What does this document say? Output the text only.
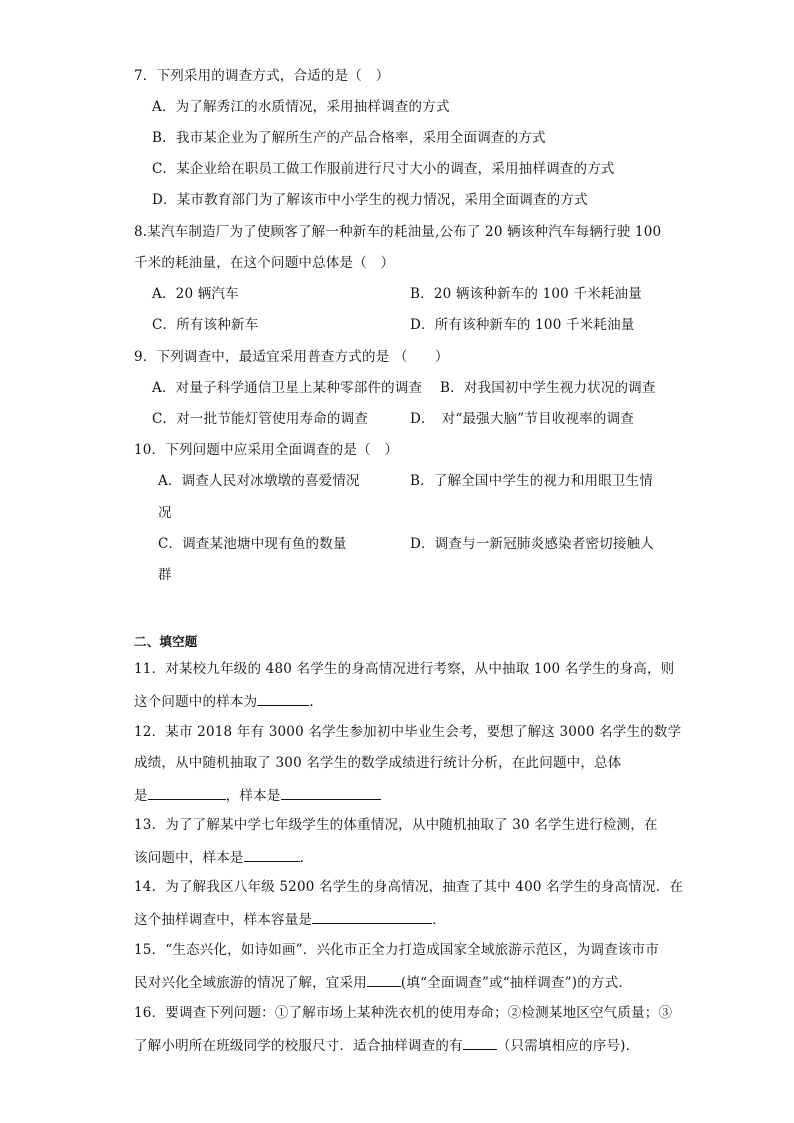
7．下列采用的调查方式，合适的是（　）
A．为了解秀江的水质情况，采用抽样调查的方式
B．我市某企业为了解所生产的产品合格率，采用全面调查的方式
C．某企业给在职员工做工作服前进行尺寸大小的调查，采用抽样调查的方式
D．某市教育部门为了解该市中小学生的视力情况，采用全面调查的方式
8.某汽车制造厂为了使顾客了解一种新车的耗油量,公布了 20 辆该种汽车每辆行驶 100
千米的耗油量，在这个问题中总体是（　）
A．20 辆汽车	B．20 辆该种新车的 100 千米耗油量
C．所有该种新车	D．所有该种新车的 100 千米耗油量
9．下列调查中，最适宜采用普查方式的是 （　　）
A．对量子科学通信卫星上某种零部件的调查 B．对我国初中学生视力状况的调查
C．对一批节能灯管使用寿命的调查	D．　对“最强大脑”节目收视率的调查
10．下列问题中应采用全面调查的是（　）
A．调查人民对冰墩墩的喜爱情况	B．了解全国中学生的视力和用眼卫生情
况
C．调查某池塘中现有鱼的数量	D．调查与一新冠肺炎感染者密切接触人
群
二、填空题
11．对某校九年级的 480 名学生的身高情况进行考察，从中抽取 100 名学生的身高，则
这个问题中的样本为	.
12．某市 2018 年有 3000 名学生参加初中毕业生会考，要想了解这 3000 名学生的数学
成绩，从中随机抽取了 300 名学生的数学成绩进行统计分析，在此问题中，总体
是	，样本是
13．为了了解某中学七年级学生的体重情况，从中随机抽取了 30 名学生进行检测，在
该问题中，样本是	.
14．为了解我区八年级 5200 名学生的身高情况，抽查了其中 400 名学生的身高情况．在
这个抽样调查中，样本容量是	．
15．“生态兴化，如诗如画”．兴化市正全力打造成国家全域旅游示范区，为调查该市市
民对兴化全域旅游的情况了解，宜采用	(填“全面调查”或“抽样调查”)的方式．
16．要调查下列问题：①了解市场上某种洗衣机的使用寿命；②检测某地区空气质量；③
了解小明所在班级同学的校服尺寸．适合抽样调查的有	（只需填相应的序号)．
